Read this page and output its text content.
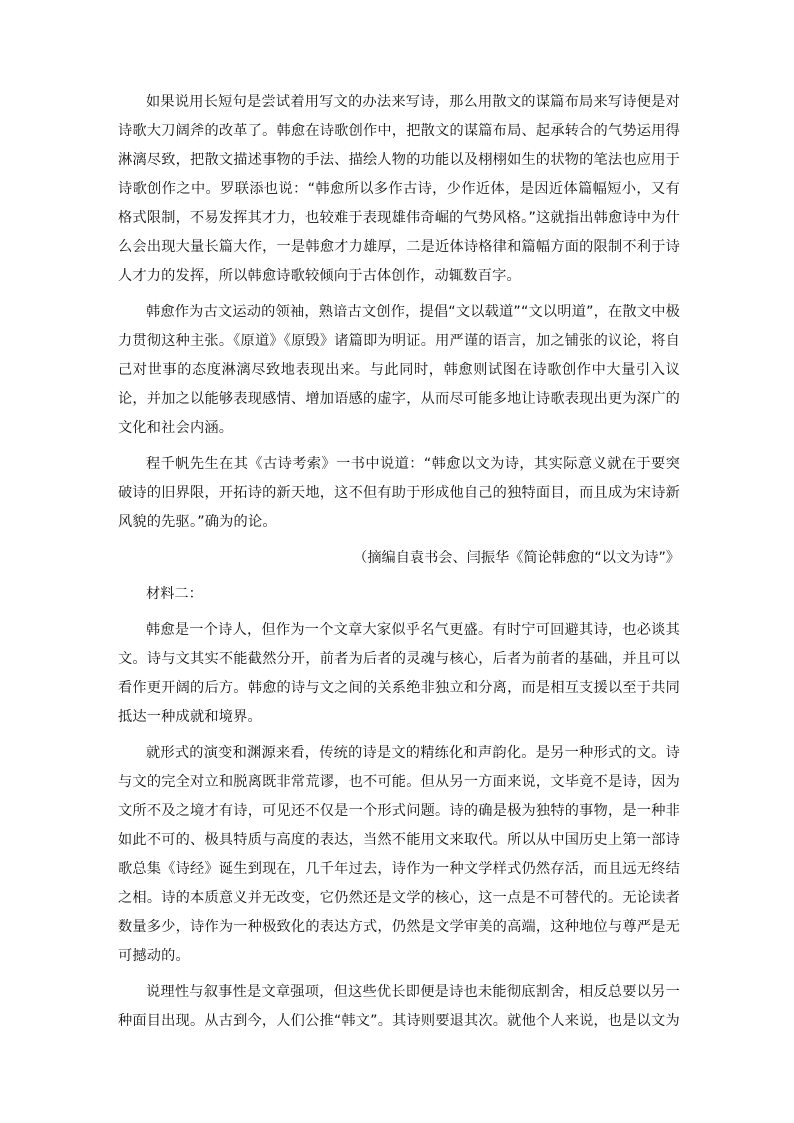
如果说用长短句是尝试着用写文的办法来写诗，那么用散文的谋篇布局来写诗便是对诗歌大刀阔斧的改革了。韩愈在诗歌创作中，把散文的谋篇布局、起承转合的气势运用得淋漓尽致，把散文描述事物的手法、描绘人物的功能以及栩栩如生的状物的笔法也应用于诗歌创作之中。罗联添也说：“韩愈所以多作古诗，少作近体，是因近体篇幅短小，又有格式限制，不易发挥其才力，也较难于表现雄伟奇崛的气势风格。”这就指出韩愈诗中为什么会出现大量长篇大作，一是韩愈才力雄厚，二是近体诗格律和篇幅方面的限制不利于诗人才力的发挥，所以韩愈诗歌较倾向于古体创作，动辄数百字。

韩愈作为古文运动的领袖，熟谙古文创作，提倡“文以载道”“文以明道”，在散文中极力贯彻这种主张。《原道》《原毁》诸篇即为明证。用严谨的语言，加之铺张的议论，将自己对世事的态度淋漓尽致地表现出来。与此同时，韩愈则试图在诗歌创作中大量引入议论，并加之以能够表现感情、增加语感的虚字，从而尽可能多地让诗歌表现出更为深广的文化和社会内涵。

程千帆先生在其《古诗考索》一书中说道：“韩愈以文为诗，其实际意义就在于要突破诗的旧界限，开拓诗的新天地，这不但有助于形成他自己的独特面目，而且成为宋诗新风貌的先驱。”确为的论。

（摘编自袁书会、闫振华《简论韩愈的“以文为诗”》

材料二：

韩愈是一个诗人，但作为一个文章大家似乎名气更盛。有时宁可回避其诗，也必谈其文。诗与文其实不能截然分开，前者为后者的灵魂与核心，后者为前者的基础，并且可以看作更开阔的后方。韩愈的诗与文之间的关系绝非独立和分离，而是相互支援以至于共同抵达一种成就和境界。

就形式的演变和渊源来看，传统的诗是文的精练化和声韵化。是另一种形式的文。诗与文的完全对立和脱离既非常荒谬，也不可能。但从另一方面来说，文毕竟不是诗，因为文所不及之境才有诗，可见还不仅是一个形式问题。诗的确是极为独特的事物，是一种非如此不可的、极具特质与高度的表达，当然不能用文来取代。所以从中国历史上第一部诗歌总集《诗经》诞生到现在，几千年过去，诗作为一种文学样式仍然存活，而且远无终结之相。诗的本质意义并无改变，它仍然还是文学的核心，这一点是不可替代的。无论读者数量多少，诗作为一种极致化的表达方式，仍然是文学审美的高端，这种地位与尊严是无可撼动的。

说理性与叙事性是文章强项，但这些优长即便是诗也未能彻底割舍，相反总要以另一种面目出现。从古到今，人们公推“韩文”。其诗则要退其次。就他个人来说，也是以文为
